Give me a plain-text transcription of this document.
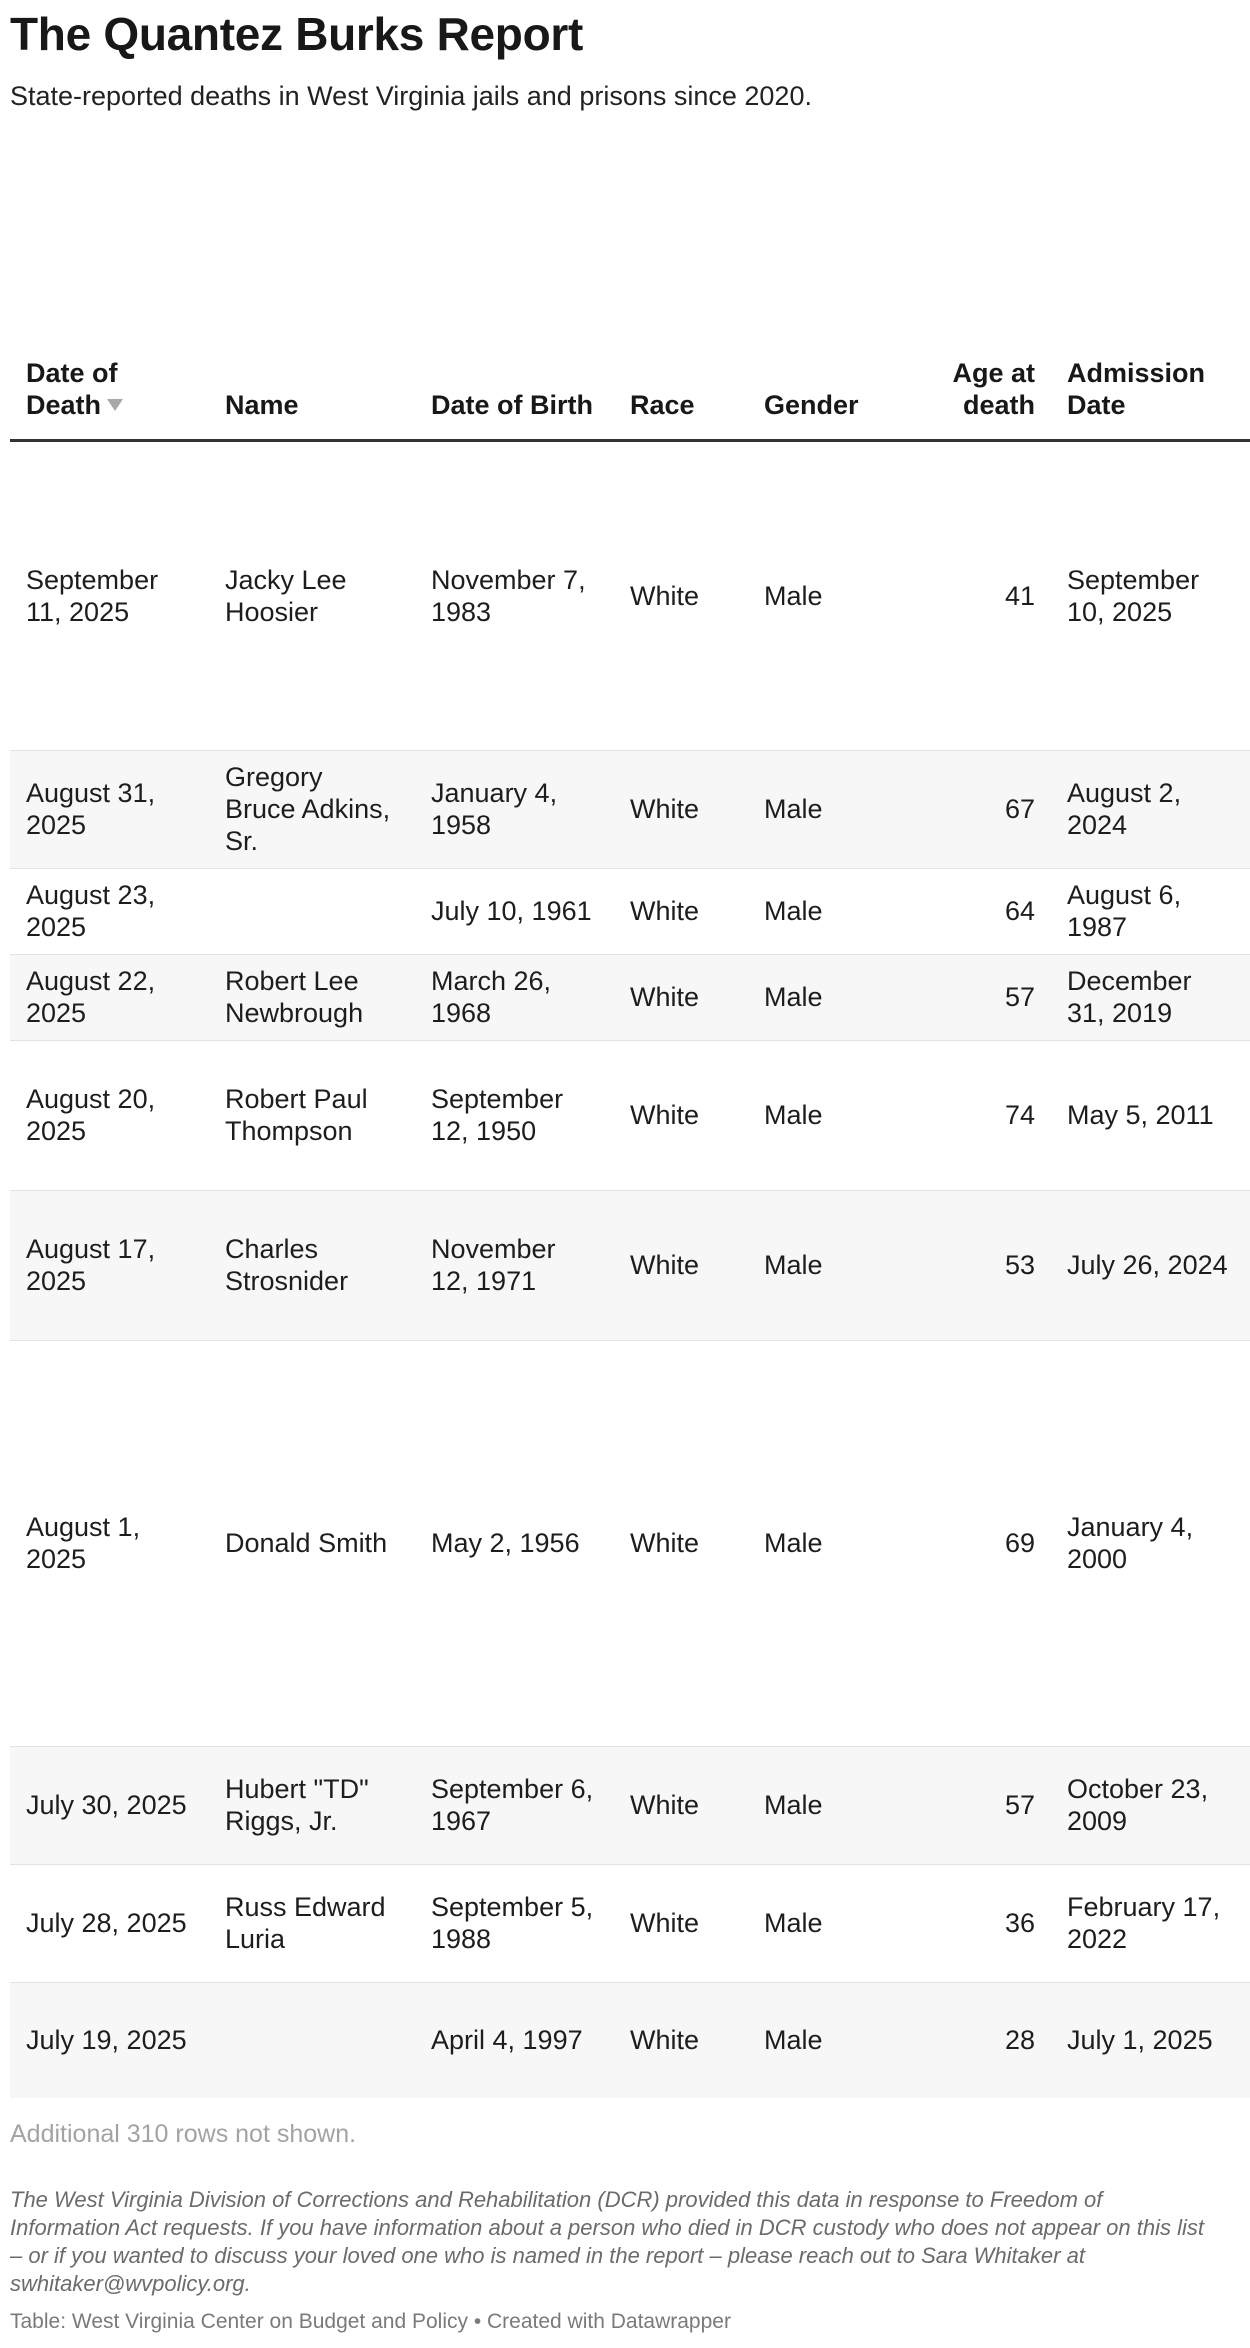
The Quantez Burks Report

State-reported deaths in West Virginia jails and prisons since 2020.

Date of Death	Name	Date of Birth	Race	Gender	Age at death	Admission Date
September 11, 2025	Jacky Lee Hoosier	November 7, 1983	White	Male	41	September 10, 2025
August 31, 2025	Gregory Bruce Adkins, Sr.	January 4, 1958	White	Male	67	August 2, 2024
August 23, 2025		July 10, 1961	White	Male	64	August 6, 1987
August 22, 2025	Robert Lee Newbrough	March 26, 1968	White	Male	57	December 31, 2019
August 20, 2025	Robert Paul Thompson	September 12, 1950	White	Male	74	May 5, 2011
August 17, 2025	Charles Strosnider	November 12, 1971	White	Male	53	July 26, 2024
August 1, 2025	Donald Smith	May 2, 1956	White	Male	69	January 4, 2000
July 30, 2025	Hubert "TD" Riggs, Jr.	September 6, 1967	White	Male	57	October 23, 2009
July 28, 2025	Russ Edward Luria	September 5, 1988	White	Male	36	February 17, 2022
July 19, 2025		April 4, 1997	White	Male	28	July 1, 2025

Additional 310 rows not shown.

The West Virginia Division of Corrections and Rehabilitation (DCR) provided this data in response to Freedom of Information Act requests. If you have information about a person who died in DCR custody who does not appear on this list – or if you wanted to discuss your loved one who is named in the report – please reach out to Sara Whitaker at swhitaker@wvpolicy.org.

Table: West Virginia Center on Budget and Policy • Created with Datawrapper
